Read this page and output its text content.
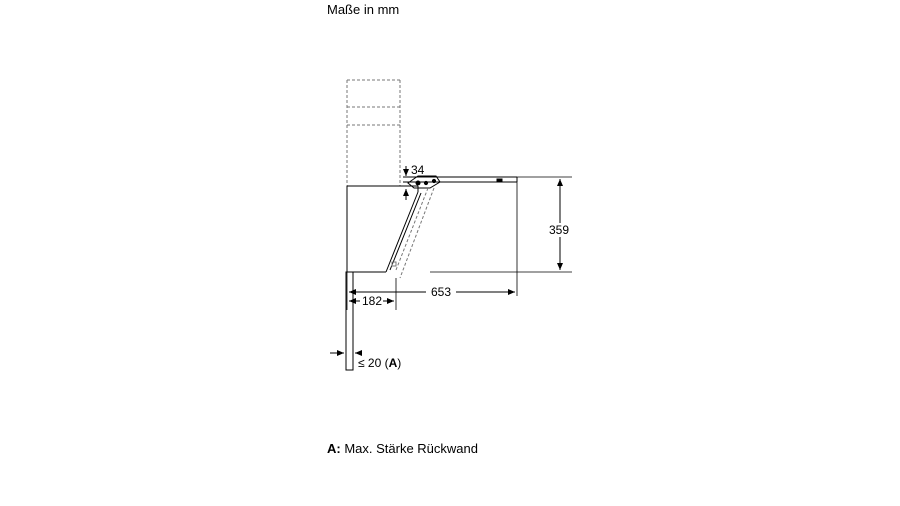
Maße in mm
359
653
182
34
≤ 20 (A)
A: Max. Stärke Rückwand
